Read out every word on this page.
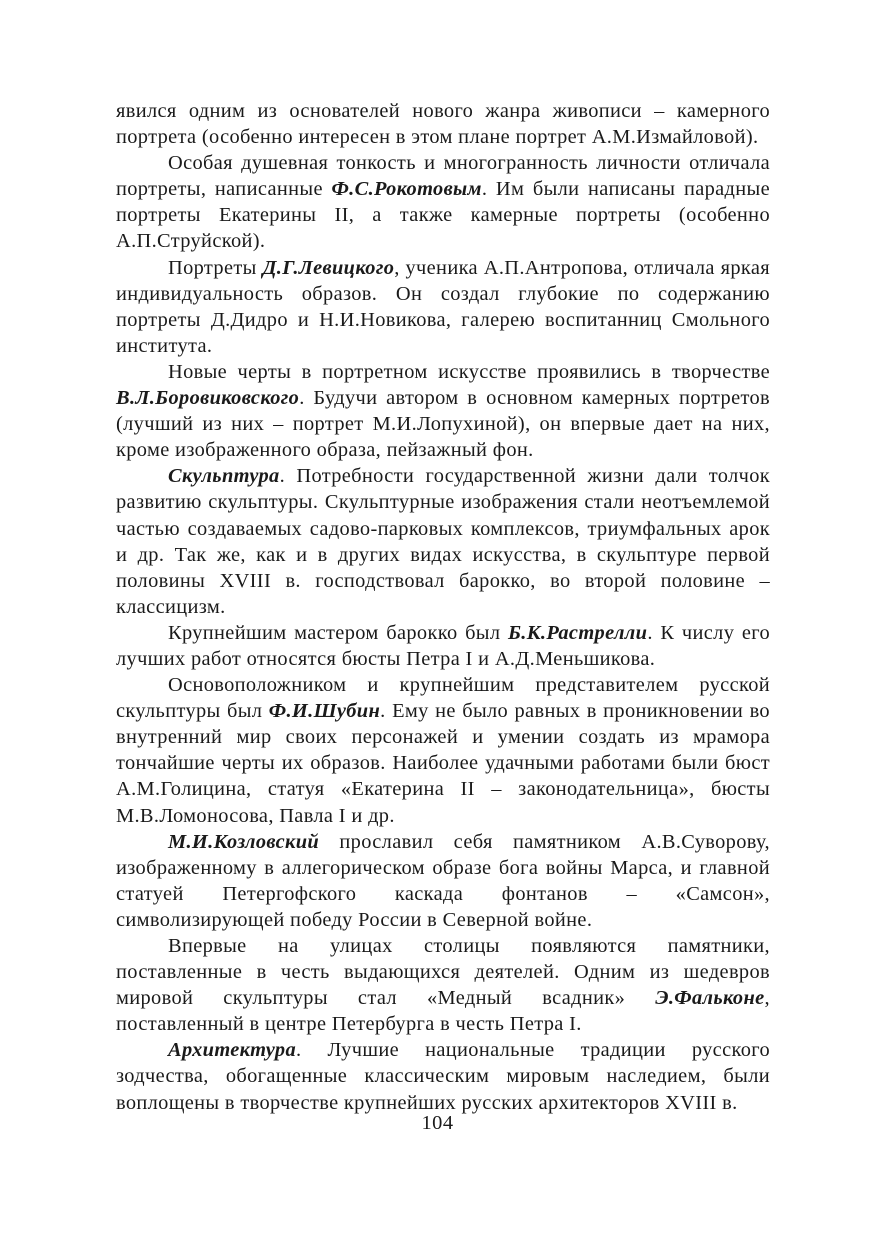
явился одним из основателей нового жанра живописи – камерного портрета (особенно интересен в этом плане портрет А.М.Измайловой).

Особая душевная тонкость и многогранность личности отличала портреты, написанные Ф.С.Рокотовым. Им были написаны парадные портреты Екатерины II, а также камерные портреты (особенно А.П.Струйской).

Портреты Д.Г.Левицкого, ученика А.П.Антропова, отличала яркая индивидуальность образов. Он создал глубокие по содержанию портреты Д.Дидро и Н.И.Новикова, галерею воспитанниц Смольного института.

Новые черты в портретном искусстве проявились в творчестве В.Л.Боровиковского. Будучи автором в основном камерных портретов (лучший из них – портрет М.И.Лопухиной), он впервые дает на них, кроме изображенного образа, пейзажный фон.

Скульптура. Потребности государственной жизни дали толчок развитию скульптуры. Скульптурные изображения стали неотъемлемой частью создаваемых садово-парковых комплексов, триумфальных арок и др. Так же, как и в других видах искусства, в скульптуре первой половины XVIII в. господствовал барокко, во второй половине – классицизм.

Крупнейшим мастером барокко был Б.К.Растрелли. К числу его лучших работ относятся бюсты Петра I и А.Д.Меньшикова.

Основоположником и крупнейшим представителем русской скульптуры был Ф.И.Шубин. Ему не было равных в проникновении во внутренний мир своих персонажей и умении создать из мрамора тончайшие черты их образов. Наиболее удачными работами были бюст А.М.Голицина, статуя «Екатерина II – законодательница», бюсты М.В.Ломоносова, Павла I и др.

М.И.Козловский прославил себя памятником А.В.Суворову, изображенному в аллегорическом образе бога войны Марса, и главной статуей Петергофского каскада фонтанов – «Самсон», символизирующей победу России в Северной войне.

Впервые на улицах столицы появляются памятники, поставленные в честь выдающихся деятелей. Одним из шедевров мировой скульптуры стал «Медный всадник» Э.Фальконе, поставленный в центре Петербурга в честь Петра I.

Архитектура. Лучшие национальные традиции русского зодчества, обогащенные классическим мировым наследием, были воплощены в творчестве крупнейших русских архитекторов XVIII в.

104
